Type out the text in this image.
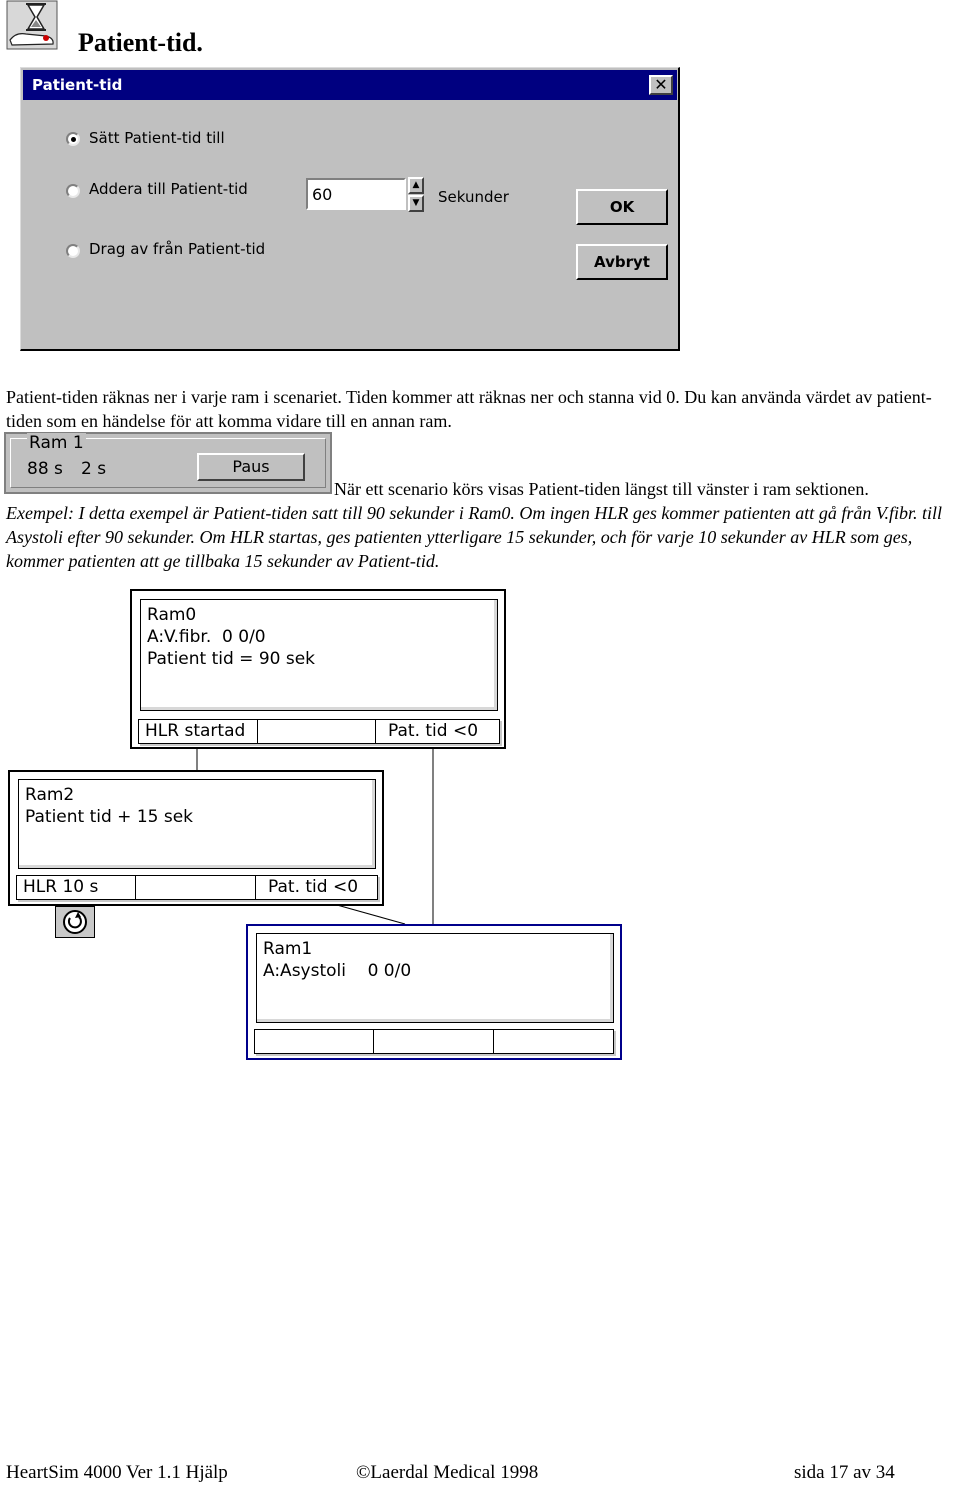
Patient-tid.
Patient-tid	✕
Sätt Patient-tid till
Addera till Patient-tid
Drag av från Patient-tid
60	▲
▼	Sekunder
OK
Avbryt
Patient-tiden räknas ner i varje ram i scenariet. Tiden kommer att räknas ner och stanna vid 0. Du kan använda värdet av patient-tiden som en händelse för att komma vidare till en annan ram.
Ram 1
88 s 2 s	Paus
När ett scenario körs visas Patient-tiden längst till vänster i ram sektionen.
Exempel: I detta exempel är Patient-tiden satt till 90 sekunder i Ram0. Om ingen HLR ges kommer patienten att gå från V.fibr. till Asystoli efter 90 sekunder. Om HLR startas, ges patienten ytterligare 15 sekunder, och för varje 10 sekunder av HLR som ges, kommer patienten att ge tillbaka 15 sekunder av Patient-tid.
Ram0
A:V.fibr.  0 0/0
Patient tid = 90 sek
HLR startad	Pat. tid <0
Ram2
Patient tid + 15 sek
HLR 10 s	Pat. tid <0
Ram1
A:Asystoli    0 0/0
HeartSim 4000 Ver 1.1 Hjälp	©Laerdal Medical 1998	sida 17 av 34
